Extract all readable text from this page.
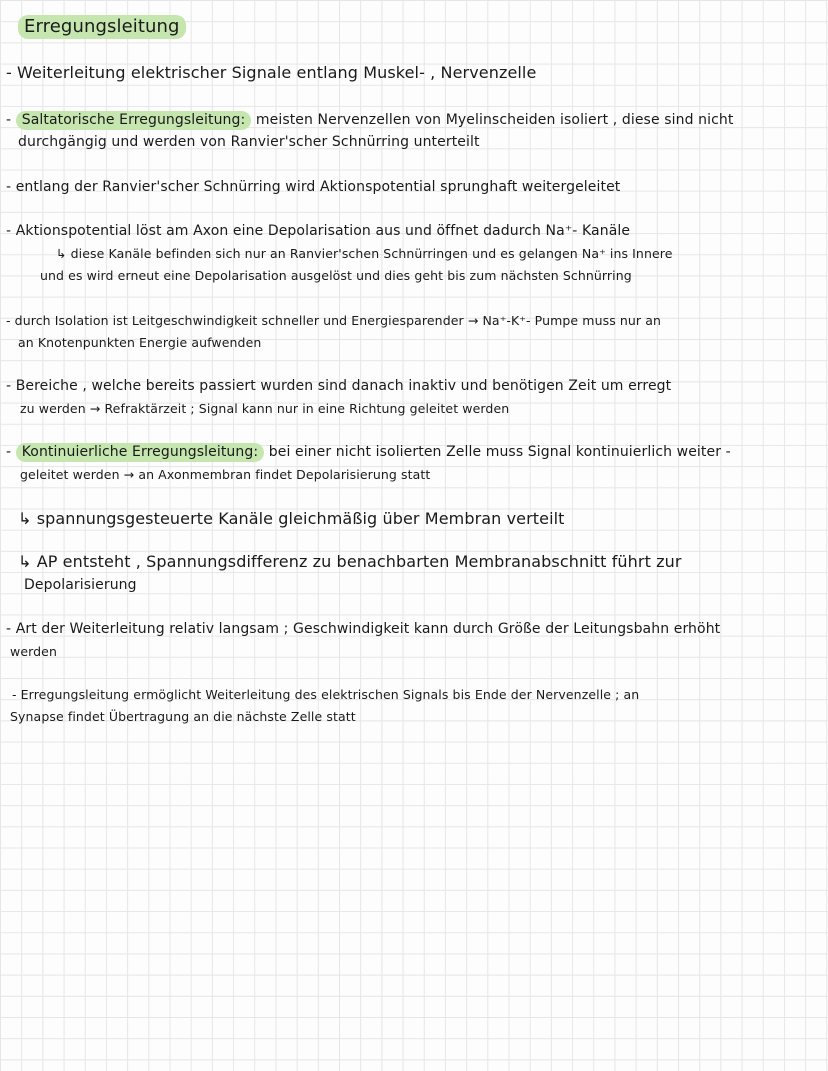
Erregungsleitung
- Weiterleitung elektrischer Signale entlang Muskel- , Nervenzelle
- Saltatorische Erregungsleitung: meisten Nervenzellen von Myelinscheiden isoliert , diese sind nicht
durchgängig und werden von Ranvier'scher Schnürring unterteilt
- entlang der Ranvier'scher Schnürring wird Aktionspotential sprunghaft weitergeleitet
- Aktionspotential löst am Axon eine Depolarisation aus und öffnet dadurch Na⁺- Kanäle
↳ diese Kanäle befinden sich nur an Ranvier'schen Schnürringen und es gelangen Na⁺ ins Innere
und es wird erneut eine Depolarisation ausgelöst und dies geht bis zum nächsten Schnürring
- durch Isolation ist Leitgeschwindigkeit schneller und Energiesparender → Na⁺-K⁺- Pumpe muss nur an
an Knotenpunkten Energie aufwenden
- Bereiche , welche bereits passiert wurden sind danach inaktiv und benötigen Zeit um erregt
zu werden → Refraktärzeit ; Signal kann nur in eine Richtung geleitet werden
- Kontinuierliche Erregungsleitung: bei einer nicht isolierten Zelle muss Signal kontinuierlich weiter -
geleitet werden → an Axonmembran findet Depolarisierung statt
↳ spannungsgesteuerte Kanäle gleichmäßig über Membran verteilt
↳ AP entsteht , Spannungsdifferenz zu benachbarten Membranabschnitt führt zur
Depolarisierung
- Art der Weiterleitung relativ langsam ; Geschwindigkeit kann durch Größe der Leitungsbahn erhöht
werden
- Erregungsleitung ermöglicht Weiterleitung des elektrischen Signals bis Ende der Nervenzelle ; an
Synapse findet Übertragung an die nächste Zelle statt
